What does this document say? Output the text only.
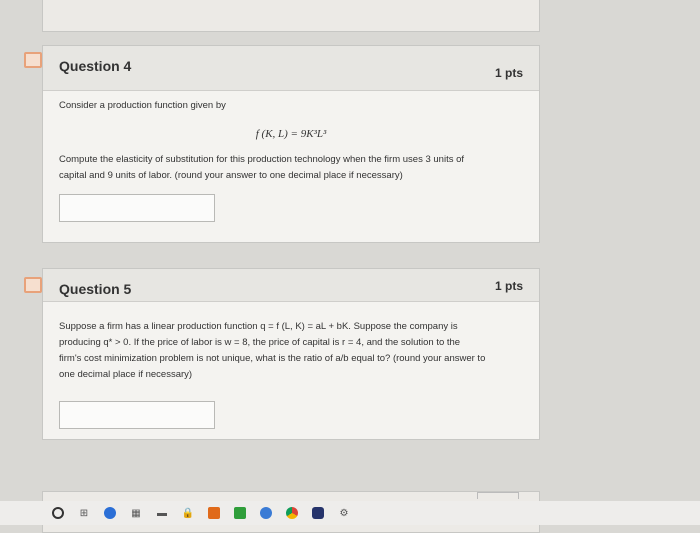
Question 4	1 pts
Consider a production function given by
f (K, L) = 9K³L³
Compute the elasticity of substitution for this production technology when the firm uses 3 units of
capital and 9 units of labor. (round your answer to one decimal place if necessary)
Question 5	1 pts
Suppose a firm has a linear production function q = f (L, K) = aL + bK. Suppose the company is
producing q* > 0. If the price of labor is w = 8, the price of capital is r = 4, and the solution to the
firm's cost minimization problem is not unique, what is the ratio of a/b equal to? (round your answer to
one decimal place if necessary)
⊞	▦ ▬ 🔒	⚙
